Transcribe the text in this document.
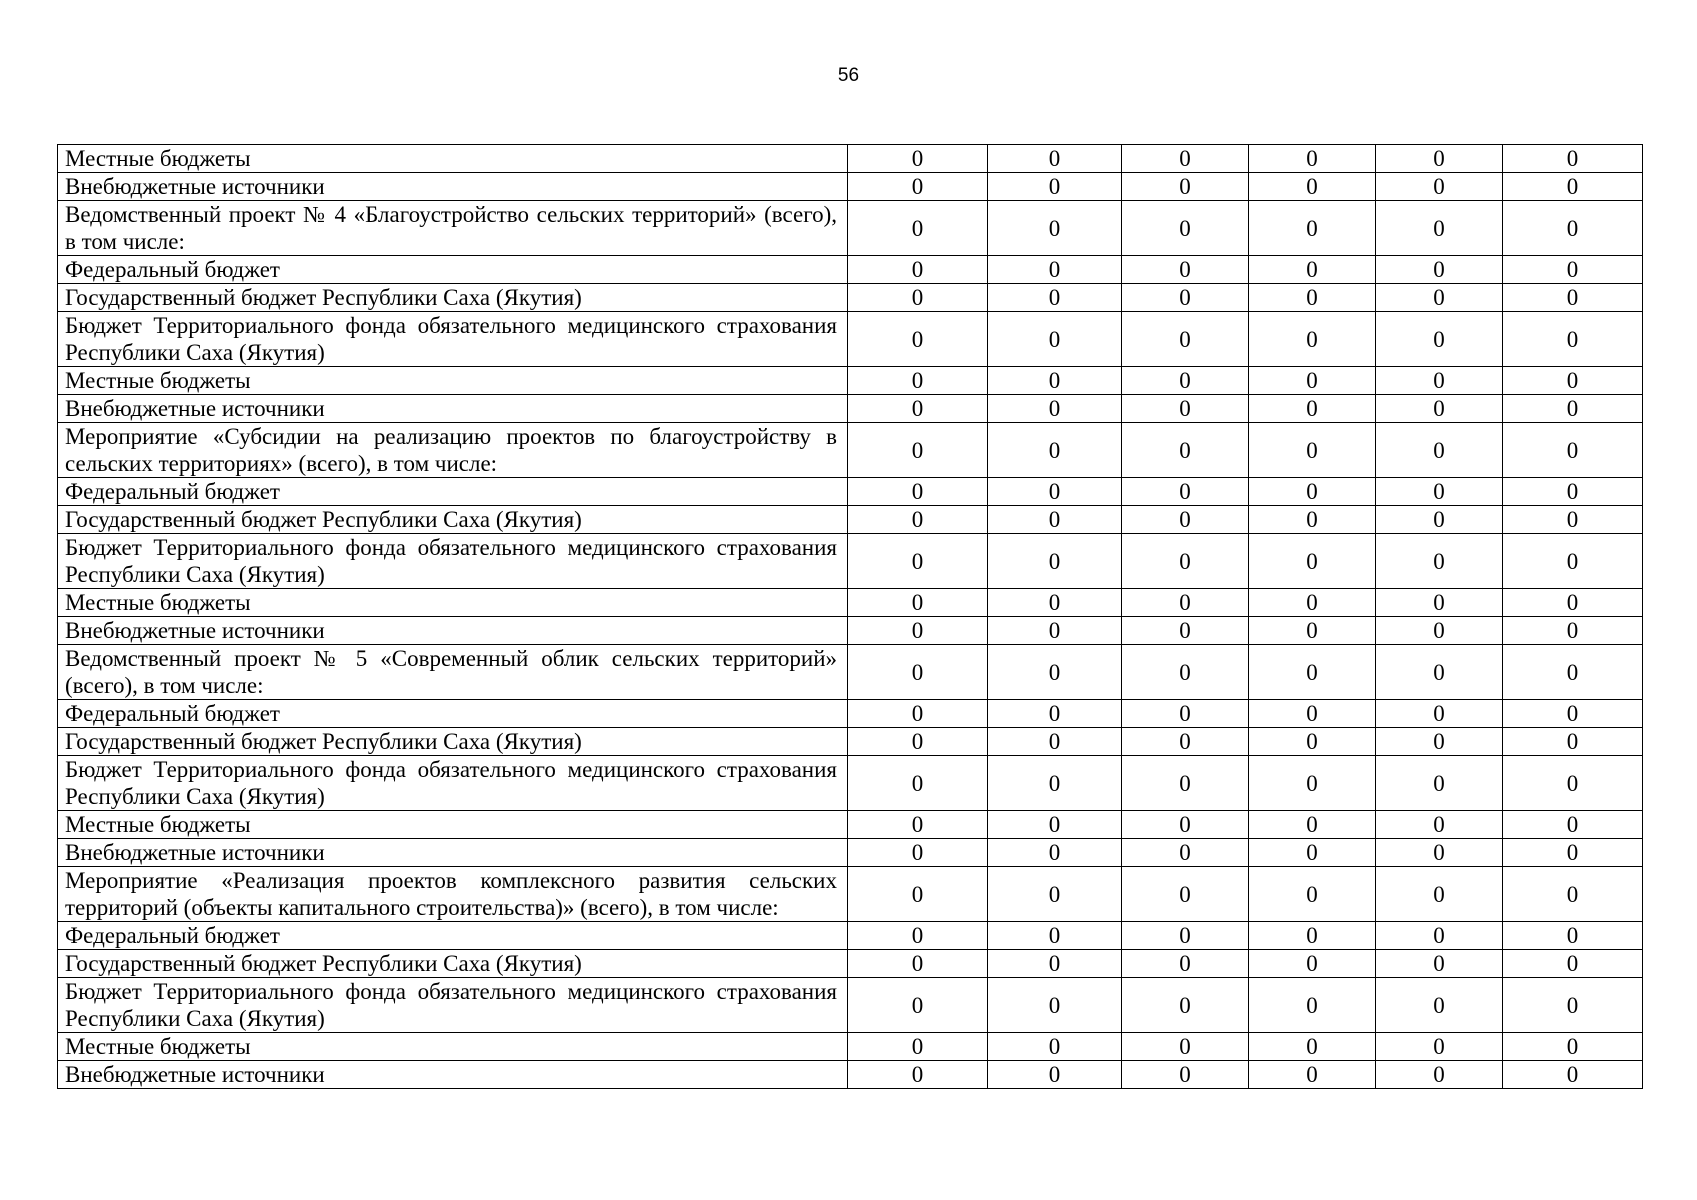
56
Местные бюджеты	0	0	0	0	0	0
Внебюджетные источники	0	0	0	0	0	0
Ведомственный проект № 4 «Благоустройство сельских территорий» (всего), в том числе:	0	0	0	0	0	0
Федеральный бюджет	0	0	0	0	0	0
Государственный бюджет Республики Саха (Якутия)	0	0	0	0	0	0
Бюджет Территориального фонда обязательного медицинского страхования Республики Саха (Якутия)	0	0	0	0	0	0
Местные бюджеты	0	0	0	0	0	0
Внебюджетные источники	0	0	0	0	0	0
Мероприятие «Субсидии на реализацию проектов по благоустройству в сельских территориях» (всего), в том числе:	0	0	0	0	0	0
Федеральный бюджет	0	0	0	0	0	0
Государственный бюджет Республики Саха (Якутия)	0	0	0	0	0	0
Бюджет Территориального фонда обязательного медицинского страхования Республики Саха (Якутия)	0	0	0	0	0	0
Местные бюджеты	0	0	0	0	0	0
Внебюджетные источники	0	0	0	0	0	0
Ведомственный проект № 5 «Современный облик сельских территорий» (всего), в том числе:	0	0	0	0	0	0
Федеральный бюджет	0	0	0	0	0	0
Государственный бюджет Республики Саха (Якутия)	0	0	0	0	0	0
Бюджет Территориального фонда обязательного медицинского страхования Республики Саха (Якутия)	0	0	0	0	0	0
Местные бюджеты	0	0	0	0	0	0
Внебюджетные источники	0	0	0	0	0	0
Мероприятие «Реализация проектов комплексного развития сельских территорий (объекты капитального строительства)» (всего), в том числе:	0	0	0	0	0	0
Федеральный бюджет	0	0	0	0	0	0
Государственный бюджет Республики Саха (Якутия)	0	0	0	0	0	0
Бюджет Территориального фонда обязательного медицинского страхования Республики Саха (Якутия)	0	0	0	0	0	0
Местные бюджеты	0	0	0	0	0	0
Внебюджетные источники	0	0	0	0	0	0
